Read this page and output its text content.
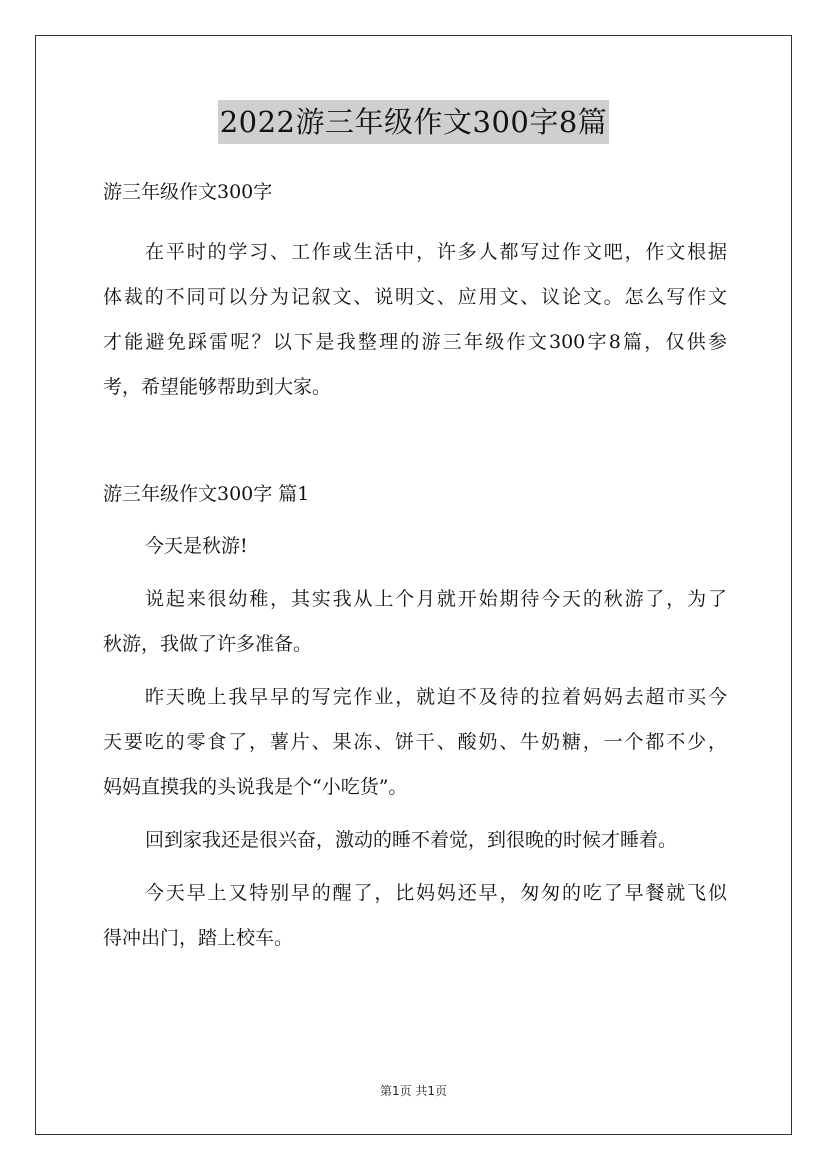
2022游三年级作文300字8篇
游三年级作文300字
在平时的学习、工作或生活中，许多人都写过作文吧，作文根据
体裁的不同可以分为记叙文、说明文、应用文、议论文。怎么写作文
才能避免踩雷呢？以下是我整理的游三年级作文300字8篇，仅供参
考，希望能够帮助到大家。
游三年级作文300字 篇1
今天是秋游!
说起来很幼稚，其实我从上个月就开始期待今天的秋游了，为了
秋游，我做了许多准备。
昨天晚上我早早的写完作业，就迫不及待的拉着妈妈去超市买今
天要吃的零食了，薯片、果冻、饼干、酸奶、牛奶糖，一个都不少，
妈妈直摸我的头说我是个“小吃货”。
回到家我还是很兴奋，激动的睡不着觉，到很晚的时候才睡着。
今天早上又特别早的醒了，比妈妈还早，匆匆的吃了早餐就飞似
得冲出门，踏上校车。
第1页 共1页
